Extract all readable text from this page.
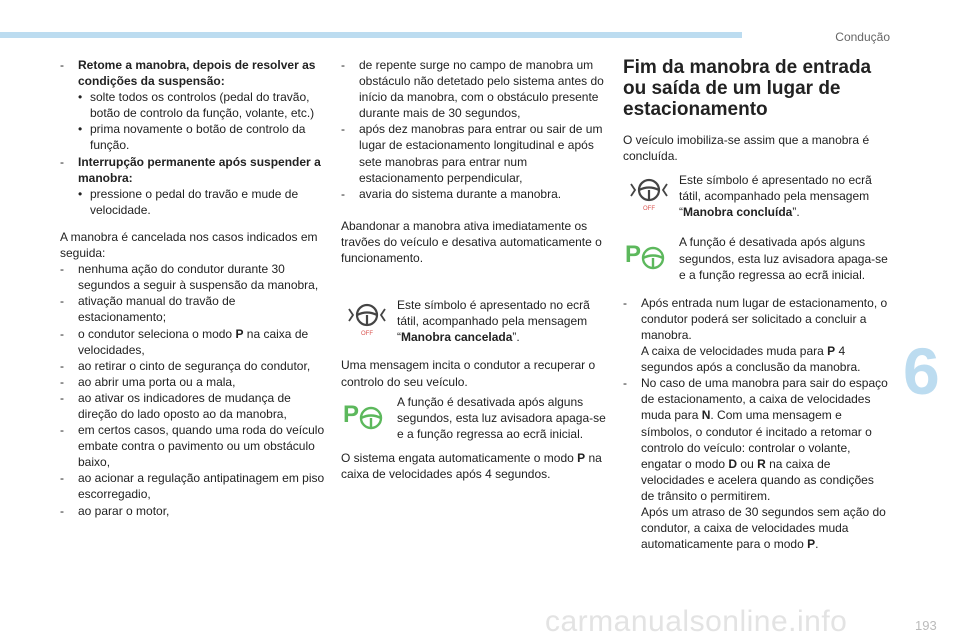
Condução
6
carmanualsonline.info	193
- Retome a manobra, depois de resolver as condições da suspensão:
• solte todos os controlos (pedal do travão, botão de controlo da função, volante, etc.)
• prima novamente o botão de controlo da função.
- Interrupção permanente após suspender a manobra:
• pressione o pedal do travão e mude de velocidade.

A manobra é cancelada nos casos indicados em seguida:

- nenhuma ação do condutor durante 30 segundos a seguir à suspensão da manobra,
- ativação manual do travão de estacionamento;
- o condutor seleciona o modo P na caixa de velocidades,
- ao retirar o cinto de segurança do condutor,
- ao abrir uma porta ou a mala,
- ao ativar os indicadores de mudança de direção do lado oposto ao da manobra,
- em certos casos, quando uma roda do veículo embate contra o pavimento ou um obstáculo baixo,
- ao acionar a regulação antipatinagem em piso escorregadio,
- ao parar o motor,
- de repente surge no campo de manobra um obstáculo não detetado pelo sistema antes do início da manobra, com o obstáculo presente durante mais de 30 segundos,
- após dez manobras para entrar ou sair de um lugar de estacionamento longitudinal e após sete manobras para entrar num estacionamento perpendicular,
- avaria do sistema durante a manobra.

Abandonar a manobra ativa imediatamente os travões do veículo e desativa automaticamente o funcionamento.

OFF

Este símbolo é apresentado no ecrã tátil, acompanhado pela mensagem “Manobra cancelada”.

Uma mensagem incita o condutor a recuperar o controlo do seu veículo.

P	A função é desativada após alguns segundos, esta luz avisadora apaga-se e a função regressa ao ecrã inicial.

O sistema engata automaticamente o modo P na caixa de velocidades após 4 segundos.

Fim da manobra de entrada ou saída de um lugar de estacionamento

O veículo imobiliza-se assim que a manobra é concluída.

OFF

Este símbolo é apresentado no ecrã tátil, acompanhado pela mensagem “Manobra concluída”.

P	A função é desativada após alguns segundos, esta luz avisadora apaga-se e a função regressa ao ecrã inicial.

- Após entrada num lugar de estacionamento, o condutor poderá ser solicitado a concluir a manobra.
A caixa de velocidades muda para P 4 segundos após a conclusão da manobra.
- No caso de uma manobra para sair do espaço de estacionamento, a caixa de velocidades muda para N. Com uma mensagem e símbolos, o condutor é incitado a retomar o controlo do veículo: controlar o volante, engatar o modo D ou R na caixa de velocidades e acelera quando as condições de trânsito o permitirem.
Após um atraso de 30 segundos sem ação do condutor, a caixa de velocidades muda automaticamente para o modo P.
